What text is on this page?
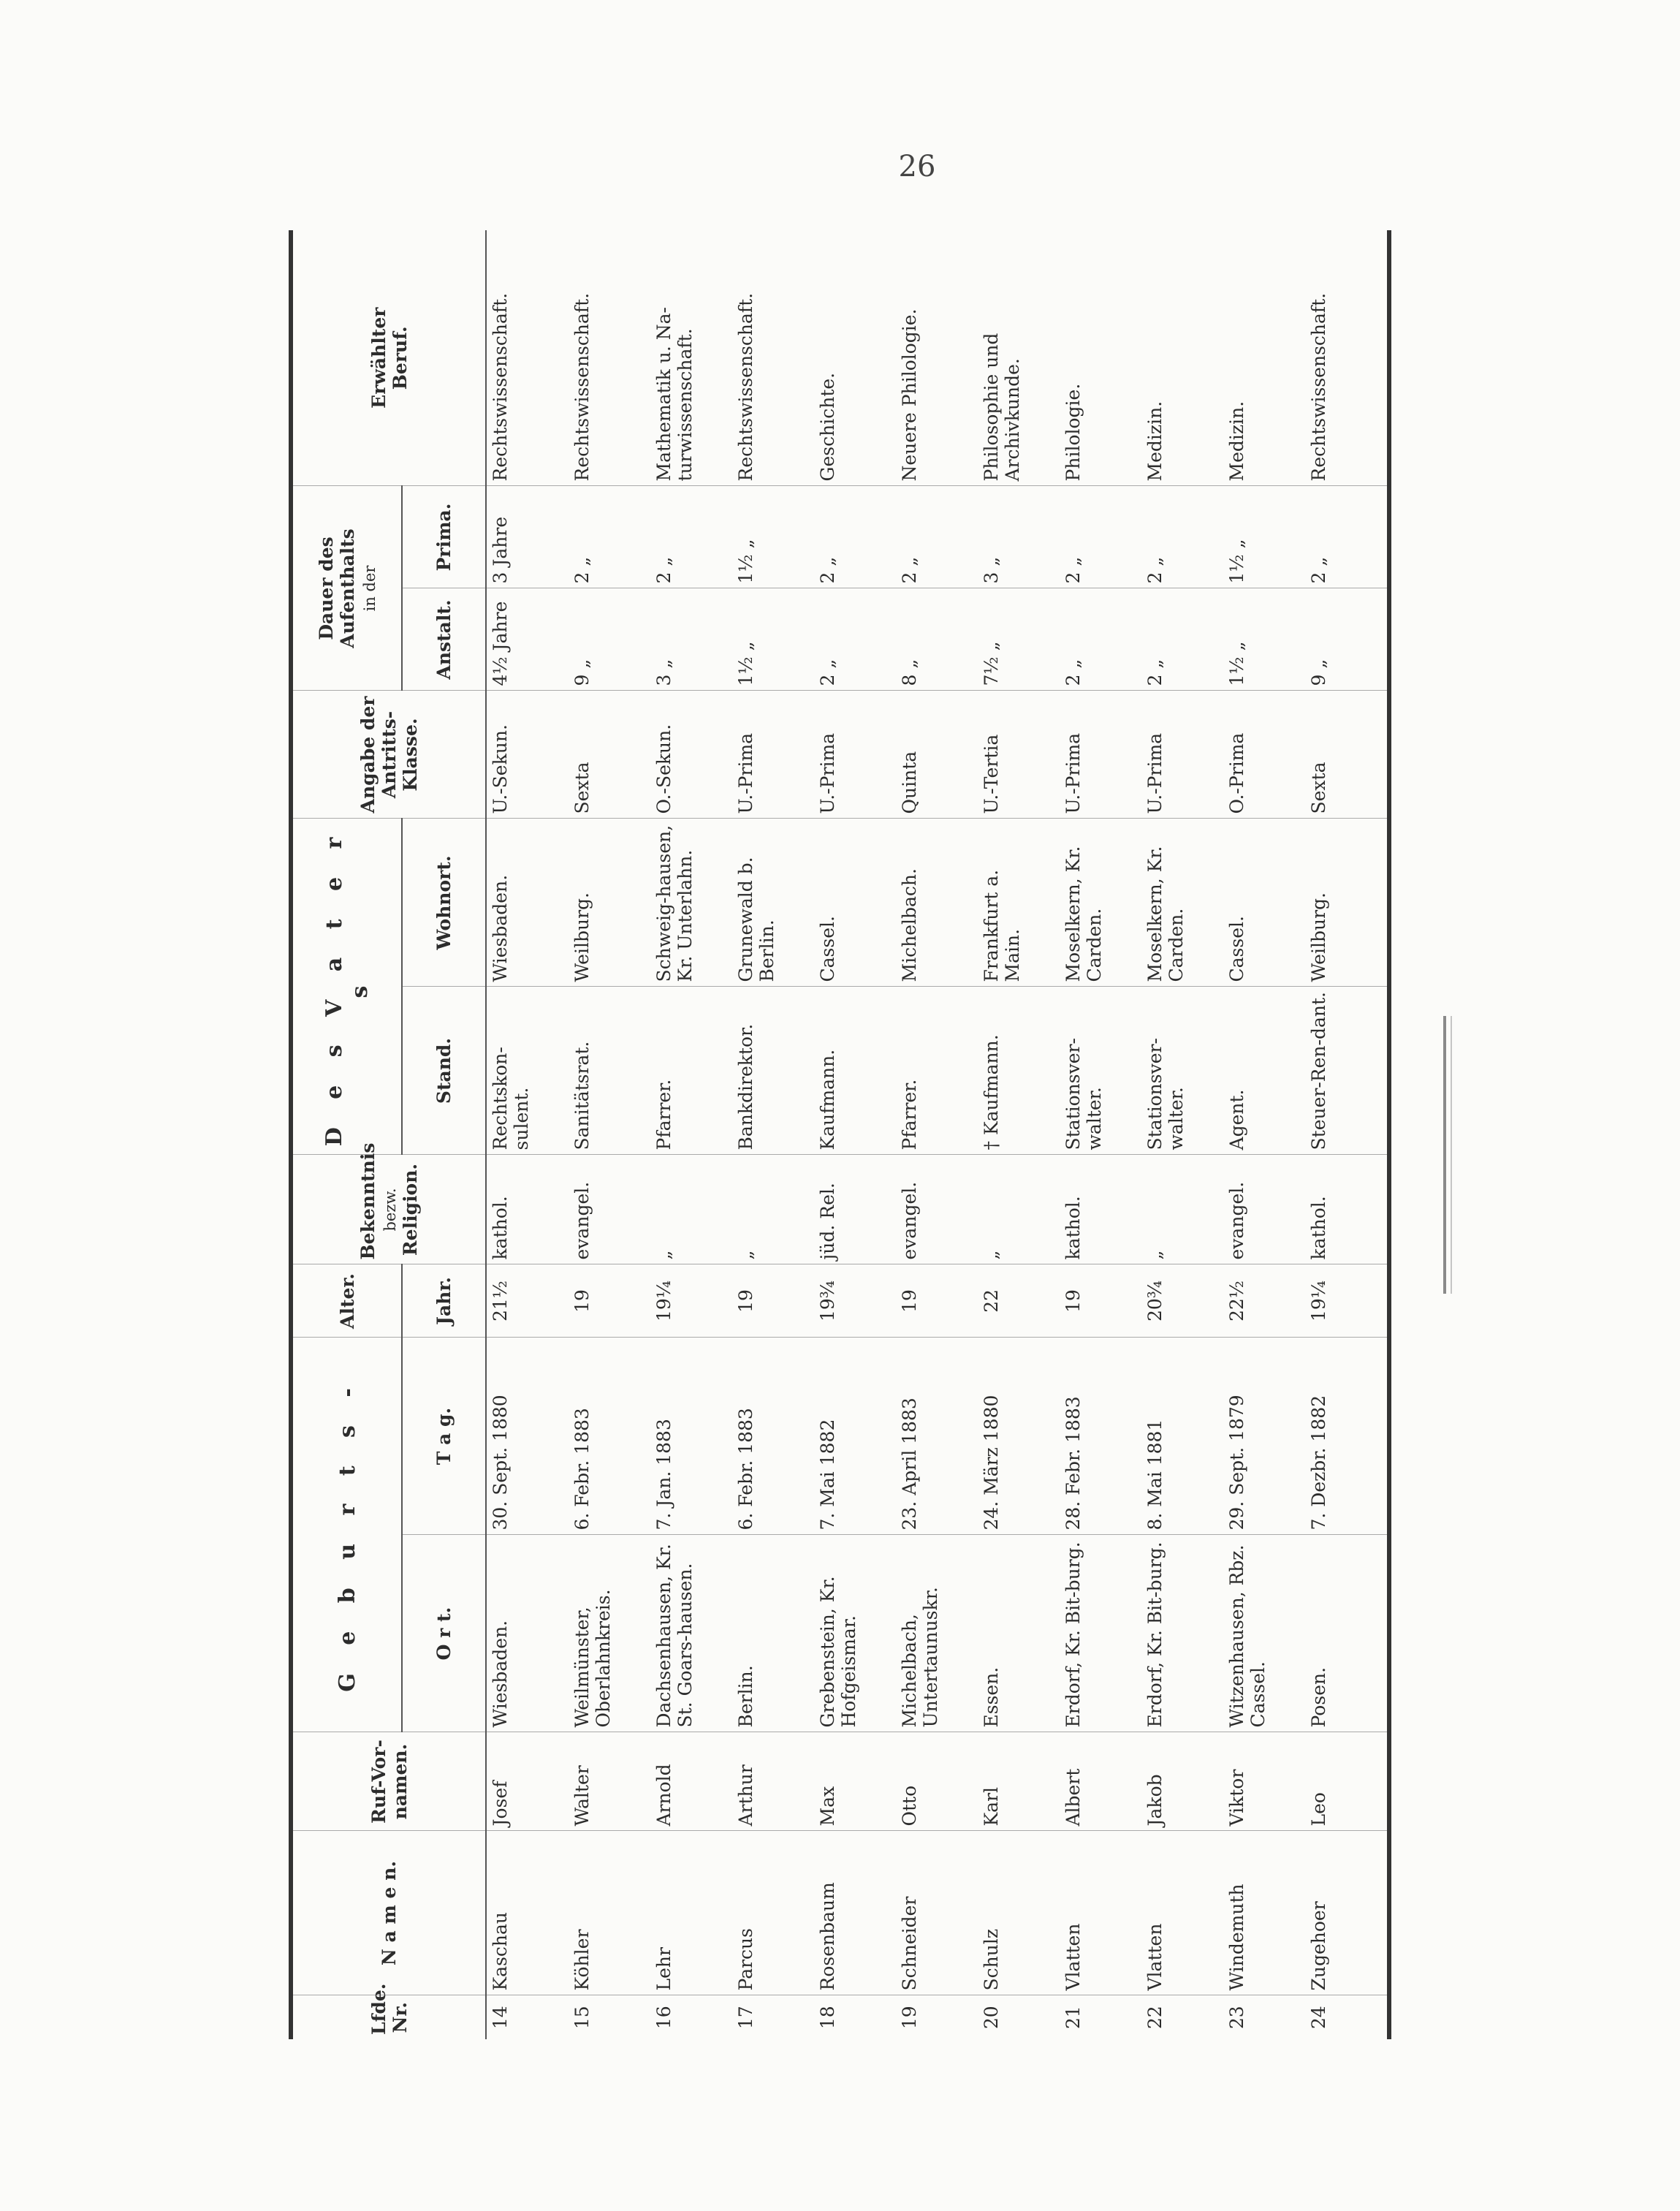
26
Lfde. Nr.	N a m e n.	Ruf-Vor-namen.	G e b u r t s -		Alter.	Bekenntnis bezw. Religion.	D e s V a t e r s		Angabe der Antritts-Klasse.	Dauer des Aufenthalts in der		Erwählter Beruf.

			O r t.	T a g.	Jahr.		Stand.	Wohnort.		Anstalt.	Prima.	
14	Kaschau	Josef	Wiesbaden.	30. Sept. 1880	21½	kathol.	Rechtskon-sulent.	Wiesbaden.	U.-Sekun.	4½ Jahre	3 Jahre	Rechtswissenschaft.
15	Köhler	Walter	Weilmünster, Oberlahnkreis.	6. Febr. 1883	19	evangel.	Sanitätsrat.	Weilburg.	Sexta	9 „	2 „	Rechtswissenschaft.
16	Lehr	Arnold	Dachsenhausen, Kr. St. Goars-hausen.	7. Jan. 1883	19¼	„	Pfarrer.	Schweig-hausen, Kr. Unterlahn.	O.-Sekun.	3 „	2 „	Mathematik u. Na-turwissenschaft.
17	Parcus	Arthur	Berlin.	6. Febr. 1883	19	„	Bankdirektor.	Grunewald b. Berlin.	U.-Prima	1½ „	1½ „	Rechtswissenschaft.
18	Rosenbaum	Max	Grebenstein, Kr. Hofgeismar.	7. Mai 1882	19¾	jüd. Rel.	Kaufmann.	Cassel.	U.-Prima	2 „	2 „	Geschichte.
19	Schneider	Otto	Michelbach, Untertaunuskr.	23. April 1883	19	evangel.	Pfarrer.	Michelbach.	Quinta	8 „	2 „	Neuere Philologie.
20	Schulz	Karl	Essen.	24. März 1880	22	„	† Kaufmann.	Frankfurt a. Main.	U.-Tertia	7½ „	3 „	Philosophie und Archivkunde.
21	Vlatten	Albert	Erdorf, Kr. Bit-burg.	28. Febr. 1883	19	kathol.	Stationsver-walter.	Moselkern, Kr. Carden.	U.-Prima	2 „	2 „	Philologie.
22	Vlatten	Jakob	Erdorf, Kr. Bit-burg.	8. Mai 1881	20¾	„	Stationsver-walter.	Moselkern, Kr. Carden.	U.-Prima	2 „	2 „	Medizin.
23	Windemuth	Viktor	Witzenhausen, Rbz. Cassel.	29. Sept. 1879	22½	evangel.	Agent.	Cassel.	O.-Prima	1½ „	1½ „	Medizin.
24	Zugehoer	Leo	Posen.	7. Dezbr. 1882	19¼	kathol.	Steuer-Ren-dant.	Weilburg.	Sexta	9 „	2 „	Rechtswissenschaft.
